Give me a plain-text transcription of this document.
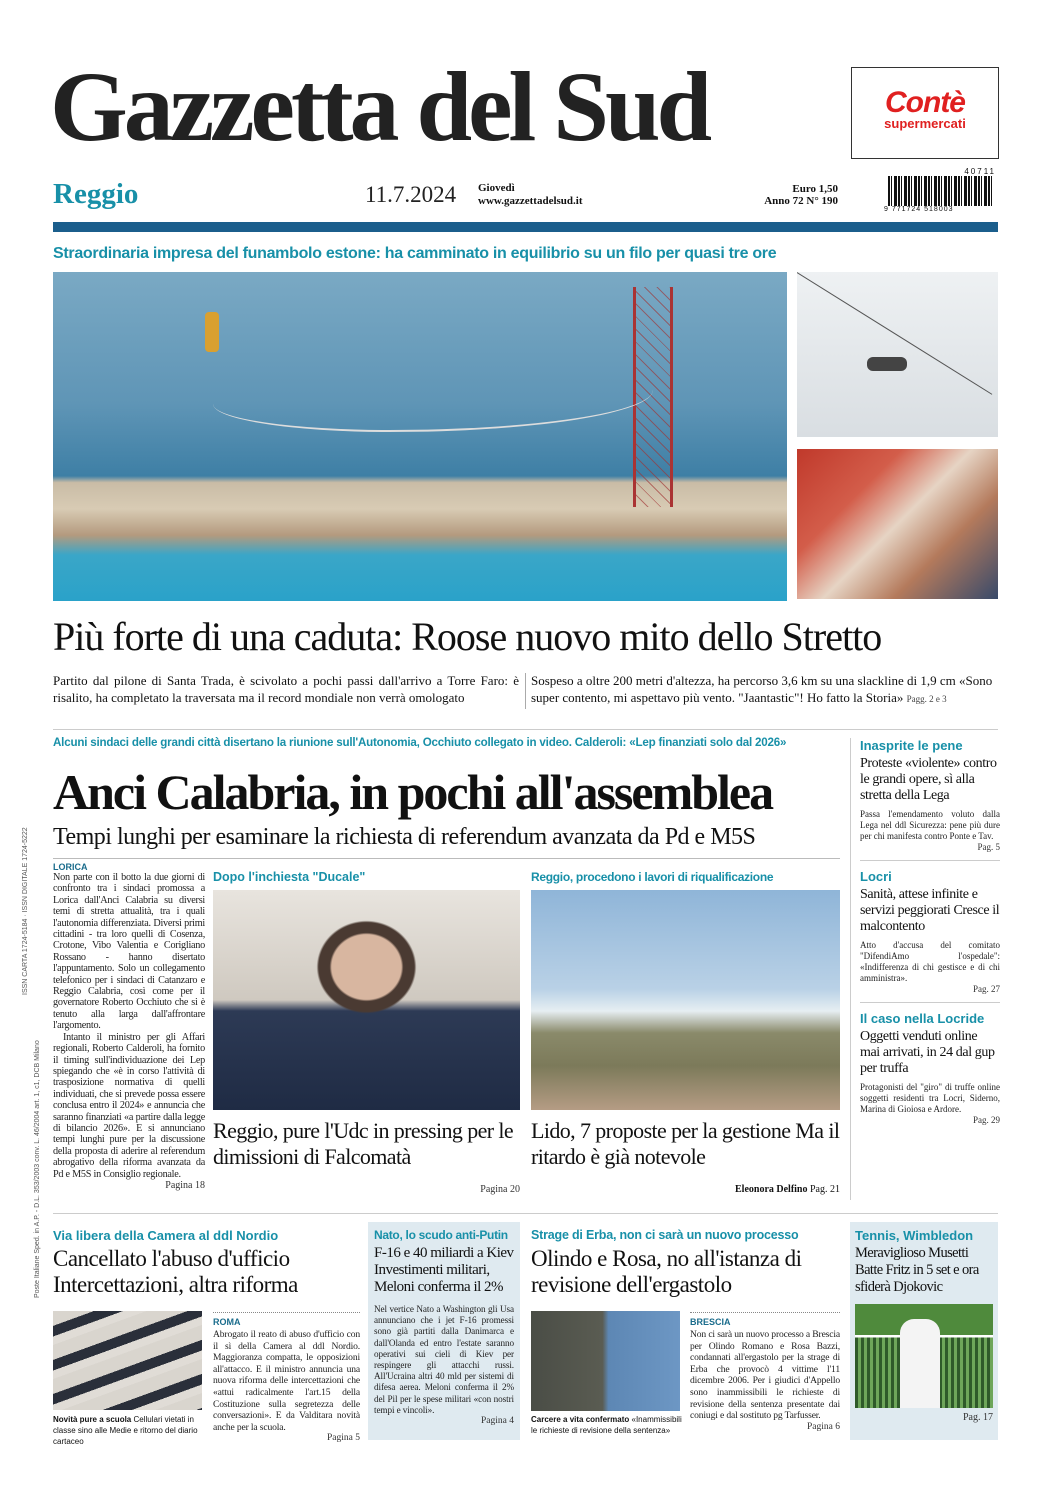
Gazzetta del Sud	Contè
supermercati
Reggio	11.7.2024 Giovedì
www.gazzettadelsud.it
Euro 1,50
Anno 72 N° 190
40711
9 771724 518003
Straordinaria impresa del funambolo estone: ha camminato in equilibrio su un filo per quasi tre ore
Più forte di una caduta: Roose nuovo mito dello Stretto
Partito dal pilone di Santa Trada, è scivolato a pochi passi dall'arrivo a Torre Faro: è risalito, ha completato la traversata ma il record mondiale non verrà omologato
Sospeso a oltre 200 metri d'altezza, ha percorso 3,6 km su una slackline di 1,9 cm «Sono super contento, mi aspettavo più vento. "Jaantastic"! Ho fatto la Storia» Pagg. 2 e 3
Alcuni sindaci delle grandi città disertano la riunione sull'Autonomia, Occhiuto collegato in video. Calderoli: «Lep finanziati solo dal 2026»
Anci Calabria, in pochi all'assemblea
Tempi lunghi per esaminare la richiesta di referendum avanzata da Pd e M5S
LORICA

Non parte con il botto la due giorni di confronto tra i sindaci promossa a Lorica dall'Anci Calabria su diversi temi di stretta attualità, tra i quali l'autonomia differenziata. Diversi primi cittadini - tra loro quelli di Cosenza, Crotone, Vibo Valentia e Corigliano Rossano - hanno disertato l'appuntamento. Solo un collegamento telefonico per i sindaci di Catanzaro e Reggio Calabria, così come per il governatore Roberto Occhiuto che si è tenuto alla larga dall'affrontare l'argomento.

Intanto il ministro per gli Affari regionali, Roberto Calderoli, ha fornito il timing sull'individuazione dei Lep spiegando che «è in corso l'attività di trasposizione normativa di quelli individuati, che si prevede possa essere conclusa entro il 2024» e annuncia che saranno finanziati «a partire dalla legge di bilancio 2026». E si annunciano tempi lunghi pure per la discussione della proposta di aderire al referendum abrogativo della riforma avanzata da Pd e M5S in Consiglio regionale.

Pagina 18
Dopo l'inchiesta "Ducale"
Reggio, pure l'Udc in pressing per le dimissioni di Falcomatà
Pagina 20
Reggio, procedono i lavori di riqualificazione
Lido, 7 proposte per la gestione Ma il ritardo è già notevole
Eleonora Delfino Pag. 21
Inasprite le pene
Proteste «violente» contro le grandi opere, sì alla stretta della Lega
Passa l'emendamento voluto dalla Lega nel ddl Sicurezza: pene più dure per chi manifesta contro Ponte e Tav.
Pag. 5
Locri
Sanità, attese infinite e servizi peggiorati Cresce il malcontento
Atto d'accusa del comitato "DifendiAmo l'ospedale": «Indifferenza di chi gestisce e di chi amministra».
Pag. 27
Il caso nella Locride
Oggetti venduti online mai arrivati, in 24 dal gup per truffa
Protagonisti del "giro" di truffe online soggetti residenti tra Locri, Siderno, Marina di Gioiosa e Ardore.
Pag. 29
Via libera della Camera al ddl Nordio
Cancellato l'abuso d'ufficio Intercettazioni, altra riforma
Novità pure a scuola Cellulari vietati in classe sino alle Medie e ritorno del diario cartaceo
ROMA

Abrogato il reato di abuso d'ufficio con il sì della Camera al ddl Nordio. Maggioranza compatta, le opposizioni all'attacco. E il ministro annuncia una nuova riforma delle intercettazioni che «attui radicalmente l'art.15 della Costituzione sulla segretezza delle conversazioni». E da Valditara novità anche per la scuola.

Pagina 5
Nato, lo scudo anti-Putin
F-16 e 40 miliardi a Kiev Investimenti militari, Meloni conferma il 2%

Nel vertice Nato a Washington gli Usa annunciano che i jet F-16 promessi sono già partiti dalla Danimarca e dall'Olanda ed entro l'estate saranno operativi sui cieli di Kiev per respingere gli attacchi russi. All'Ucraina altri 40 mld per sistemi di difesa aerea. Meloni conferma il 2% del Pil per le spese militari «con nostri tempi e vincoli».

Pagina 4
Strage di Erba, non ci sarà un nuovo processo
Olindo e Rosa, no all'istanza di revisione dell'ergastolo
Carcere a vita confermato «Inammissibili le richieste di revisione della sentenza»
BRESCIA

Non ci sarà un nuovo processo a Brescia per Olindo Romano e Rosa Bazzi, condannati all'ergastolo per la strage di Erba che provocò 4 vittime l'11 dicembre 2006. Per i giudici d'Appello sono inammissibili le richieste di revisione della sentenza presentate dai coniugi e dal sostituto pg Tarfusser.

Pagina 6
Tennis, Wimbledon
Meraviglioso Musetti Batte Fritz in 5 set e ora sfiderà Djokovic
Pag. 17
ISSN CARTA 1724-5184 · ISSN DIGITALE 1724-5222
Poste Italiane Sped. in A.P. - D.L. 353/2003 conv. L. 46/2004 art. 1, c1, DCB Milano
